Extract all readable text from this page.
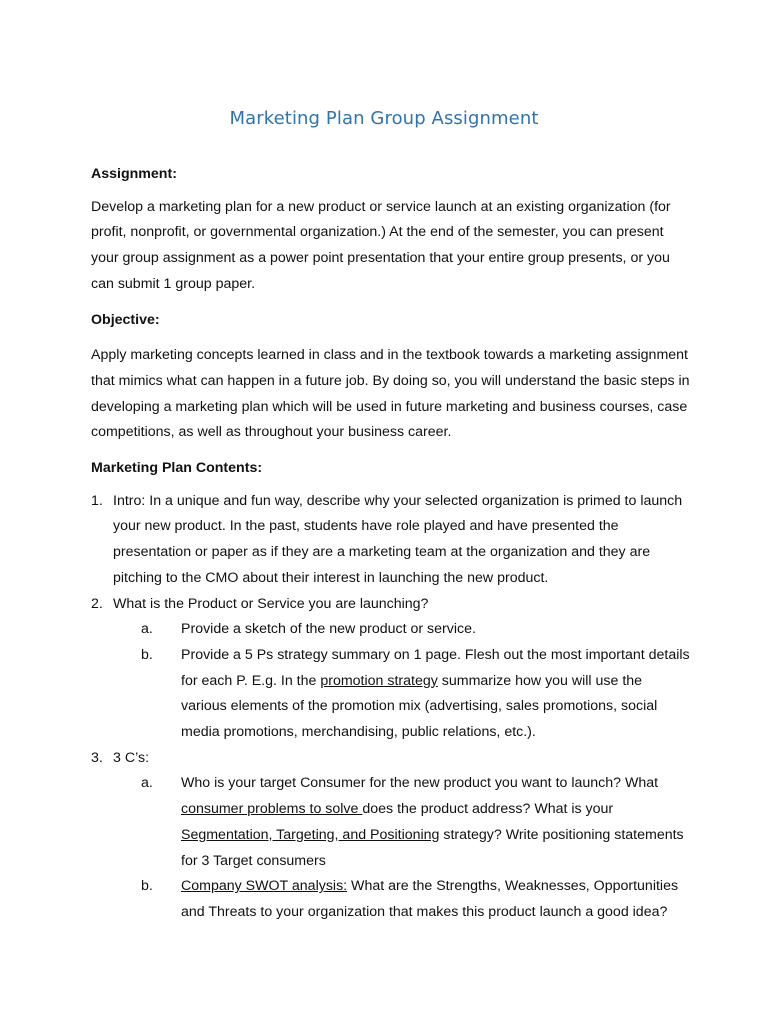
Marketing Plan Group Assignment

Assignment:

Develop a marketing plan for a new product or service launch at an existing organization (for profit, nonprofit, or governmental organization.) At the end of the semester, you can present your group assignment as a power point presentation that your entire group presents, or you can submit 1 group paper.

Objective:

Apply marketing concepts learned in class and in the textbook towards a marketing assignment that mimics what can happen in a future job. By doing so, you will understand the basic steps in developing a marketing plan which will be used in future marketing and business courses, case competitions, as well as throughout your business career.

Marketing Plan Contents:

1. Intro: In a unique and fun way, describe why your selected organization is primed to launch your new product. In the past, students have role played and have presented the presentation or paper as if they are a marketing team at the organization and they are pitching to the CMO about their interest in launching the new product.
2. What is the Product or Service you are launching?
a. Provide a sketch of the new product or service.
b. Provide a 5 Ps strategy summary on 1 page. Flesh out the most important details for each P. E.g. In the promotion strategy summarize how you will use the various elements of the promotion mix (advertising, sales promotions, social media promotions, merchandising, public relations, etc.).
3. 3 C’s:
a. Who is your target Consumer for the new product you want to launch? What consumer problems to solve does the product address? What is your Segmentation, Targeting, and Positioning strategy? Write positioning statements for 3 Target consumers
b. Company SWOT analysis: What are the Strengths, Weaknesses, Opportunities and Threats to your organization that makes this product launch a good idea?
